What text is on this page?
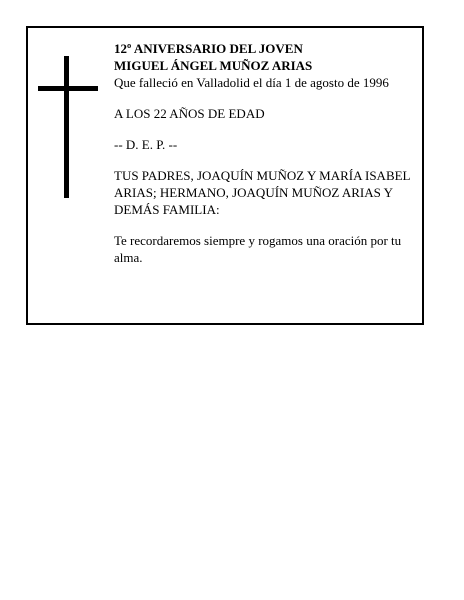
12º ANIVERSARIO DEL JOVEN

MIGUEL ÁNGEL MUÑOZ ARIAS

Que falleció en Valladolid el día 1 de agosto de 1996

A LOS 22 AÑOS DE EDAD

-- D. E. P. --

TUS PADRES, JOAQUÍN MUÑOZ Y MARÍA ISABEL ARIAS; HERMANO, JOAQUÍN MUÑOZ ARIAS Y DEMÁS FAMILIA:

Te recordaremos siempre y rogamos una oración por tu alma.
